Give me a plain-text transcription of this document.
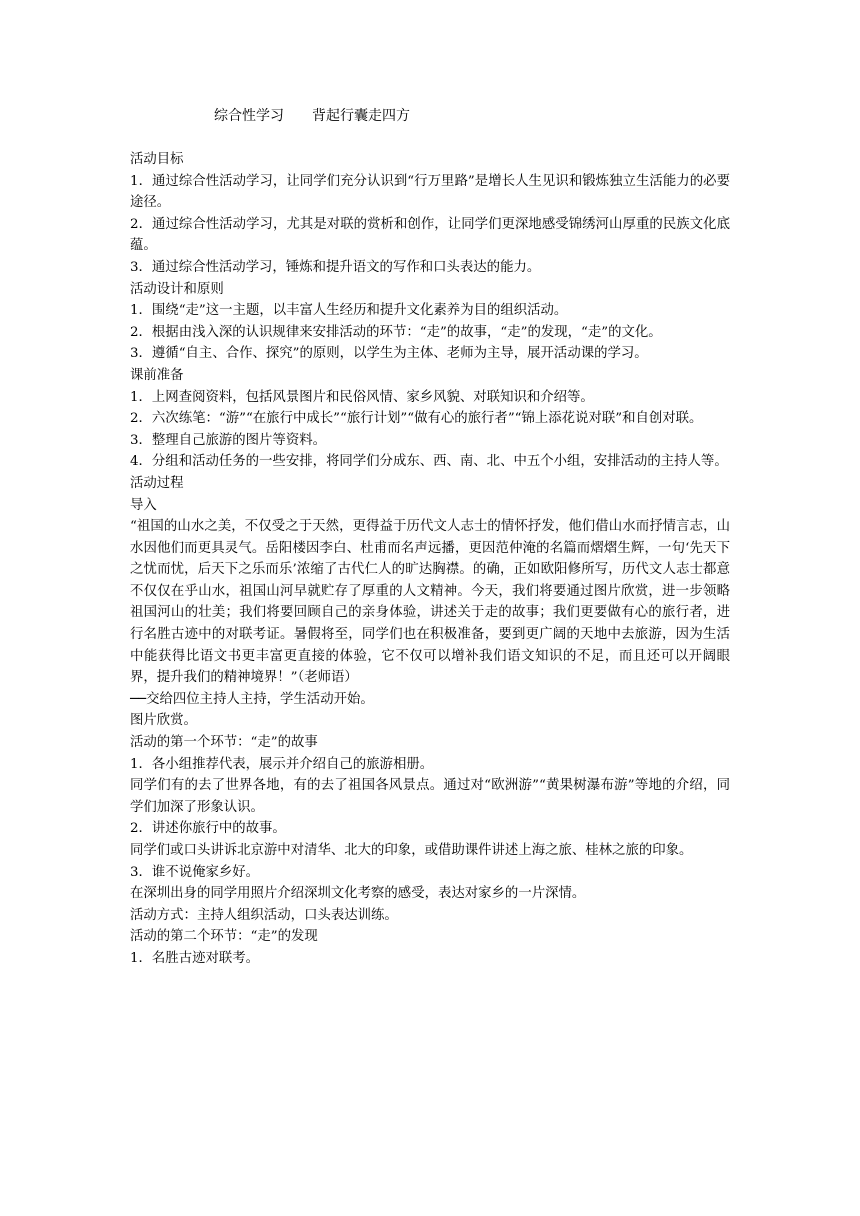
综合性学习　　背起行囊走四方

活动目标

1．通过综合性活动学习，让同学们充分认识到“行万里路”是增长人生见识和锻炼独立生活能力的必要途径。

2．通过综合性活动学习，尤其是对联的赏析和创作，让同学们更深地感受锦绣河山厚重的民族文化底蕴。

3．通过综合性活动学习，锤炼和提升语文的写作和口头表达的能力。

活动设计和原则

1．围绕“走”这一主题，以丰富人生经历和提升文化素养为目的组织活动。

2．根据由浅入深的认识规律来安排活动的环节：“走”的故事，“走”的发现，“走”的文化。

3．遵循“自主、合作、探究”的原则，以学生为主体、老师为主导，展开活动课的学习。

课前准备

1．上网查阅资料，包括风景图片和民俗风情、家乡风貌、对联知识和介绍等。

2．六次练笔：“游”“在旅行中成长”“旅行计划”“做有心的旅行者”“锦上添花说对联”和自创对联。

3．整理自己旅游的图片等资料。

4．分组和活动任务的一些安排，将同学们分成东、西、南、北、中五个小组，安排活动的主持人等。

活动过程

导入

“祖国的山水之美，不仅受之于天然，更得益于历代文人志士的情怀抒发，他们借山水而抒情言志，山水因他们而更具灵气。岳阳楼因李白、杜甫而名声远播，更因范仲淹的名篇而熠熠生辉，一句‘先天下之忧而忧，后天下之乐而乐’浓缩了古代仁人的旷达胸襟。的确，正如欧阳修所写，历代文人志士都意不仅仅在乎山水，祖国山河早就贮存了厚重的人文精神。今天，我们将要通过图片欣赏，进一步领略祖国河山的壮美；我们将要回顾自己的亲身体验，讲述关于走的故事；我们更要做有心的旅行者，进行名胜古迹中的对联考证。暑假将至，同学们也在积极准备，要到更广阔的天地中去旅游，因为生活中能获得比语文书更丰富更直接的体验，它不仅可以增补我们语文知识的不足，而且还可以开阔眼界，提升我们的精神境界！”（老师语）

──交给四位主持人主持，学生活动开始。

图片欣赏。

活动的第一个环节：“走”的故事

1．各小组推荐代表，展示并介绍自己的旅游相册。

同学们有的去了世界各地，有的去了祖国各风景点。通过对“欧洲游”“黄果树瀑布游”等地的介绍，同学们加深了形象认识。

2．讲述你旅行中的故事。

同学们或口头讲诉北京游中对清华、北大的印象，或借助课件讲述上海之旅、桂林之旅的印象。

3．谁不说俺家乡好。

在深圳出身的同学用照片介绍深圳文化考察的感受，表达对家乡的一片深情。

活动方式：主持人组织活动，口头表达训练。

活动的第二个环节：“走”的发现

1．名胜古迹对联考。
